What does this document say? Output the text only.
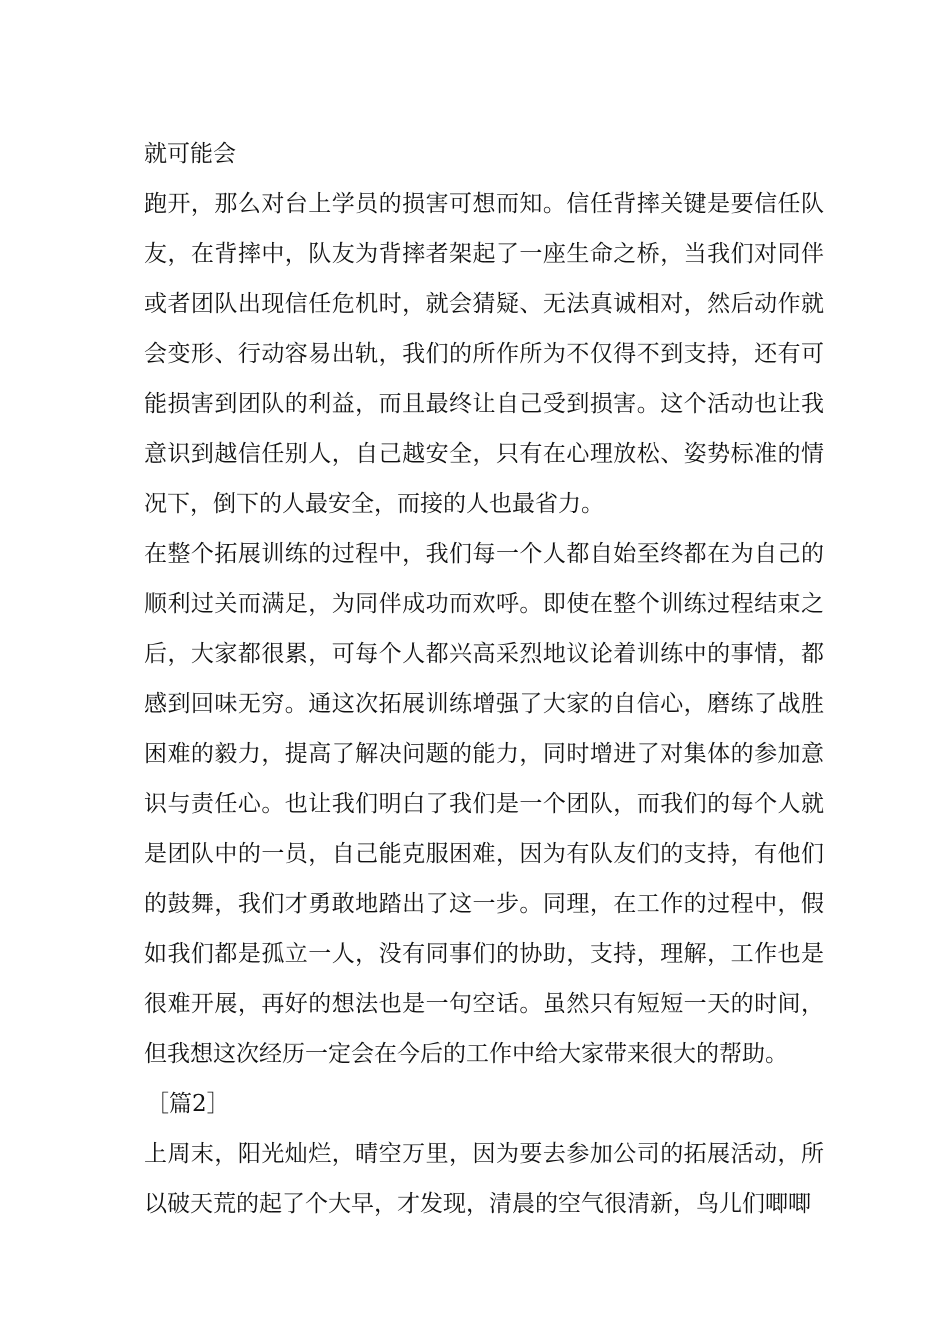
就可能会

跑开，那么对台上学员的损害可想而知。信任背摔关键是要信任队友，在背摔中，队友为背摔者架起了一座生命之桥，当我们对同伴或者团队出现信任危机时，就会猜疑、无法真诚相对，然后动作就会变形、行动容易出轨，我们的所作所为不仅得不到支持，还有可能损害到团队的利益，而且最终让自己受到损害。这个活动也让我意识到越信任别人，自己越安全，只有在心理放松、姿势标准的情况下，倒下的人最安全，而接的人也最省力。

在整个拓展训练的过程中，我们每一个人都自始至终都在为自己的顺利过关而满足，为同伴成功而欢呼。即使在整个训练过程结束之后，大家都很累，可每个人都兴高采烈地议论着训练中的事情，都感到回味无穷。通这次拓展训练增强了大家的自信心，磨练了战胜困难的毅力，提高了解决问题的能力，同时增进了对集体的参加意识与责任心。也让我们明白了我们是一个团队，而我们的每个人就是团队中的一员，自己能克服困难，因为有队友们的支持，有他们的鼓舞，我们才勇敢地踏出了这一步。同理，在工作的过程中，假如我们都是孤立一人，没有同事们的协助，支持，理解，工作也是很难开展，再好的想法也是一句空话。虽然只有短短一天的时间，但我想这次经历一定会在今后的工作中给大家带来很大的帮助。

［篇2］

上周末，阳光灿烂，晴空万里，因为要去参加公司的拓展活动，所以破天荒的起了个大早，才发现，清晨的空气很清新，鸟儿们唧唧
